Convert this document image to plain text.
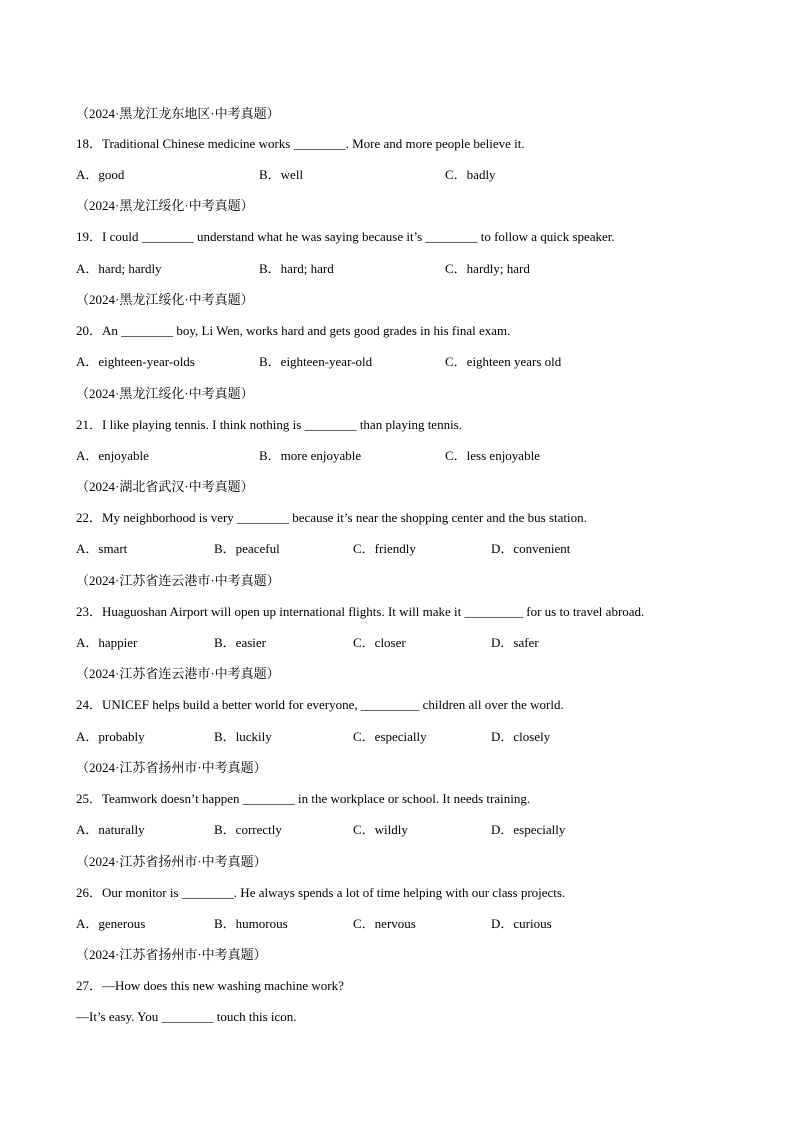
（2024·黑龙江龙东地区·中考真题）
18．Traditional Chinese medicine works ________. More and more people believe it.
A．good	B．well	C．badly
（2024·黑龙江绥化·中考真题）
19．I could ________ understand what he was saying because it’s ________ to follow a quick speaker.
A．hard; hardly	B．hard; hard	C．hardly; hard
（2024·黑龙江绥化·中考真题）
20．An ________ boy, Li Wen, works hard and gets good grades in his final exam.
A．eighteen-year-olds	B．eighteen-year-old	C．eighteen years old
（2024·黑龙江绥化·中考真题）
21．I like playing tennis. I think nothing is ________ than playing tennis.
A．enjoyable	B．more enjoyable	C．less enjoyable
（2024·湖北省武汉·中考真题）
22．My neighborhood is very ________ because it’s near the shopping center and the bus station.
A．smart	B．peaceful	C．friendly	D．convenient
（2024·江苏省连云港市·中考真题）
23．Huaguoshan Airport will open up international flights. It will make it _________ for us to travel abroad.
A．happier	B．easier	C．closer	D．safer
（2024·江苏省连云港市·中考真题）
24．UNICEF helps build a better world for everyone, _________ children all over the world.
A．probably	B．luckily	C．especially	D．closely
（2024·江苏省扬州市·中考真题）
25．Teamwork doesn’t happen ________ in the workplace or school. It needs training.
A．naturally	B．correctly	C．wildly	D．especially
（2024·江苏省扬州市·中考真题）
26．Our monitor is ________. He always spends a lot of time helping with our class projects.
A．generous	B．humorous	C．nervous	D．curious
（2024·江苏省扬州市·中考真题）
27．—How does this new washing machine work?
—It’s easy. You ________ touch this icon.
